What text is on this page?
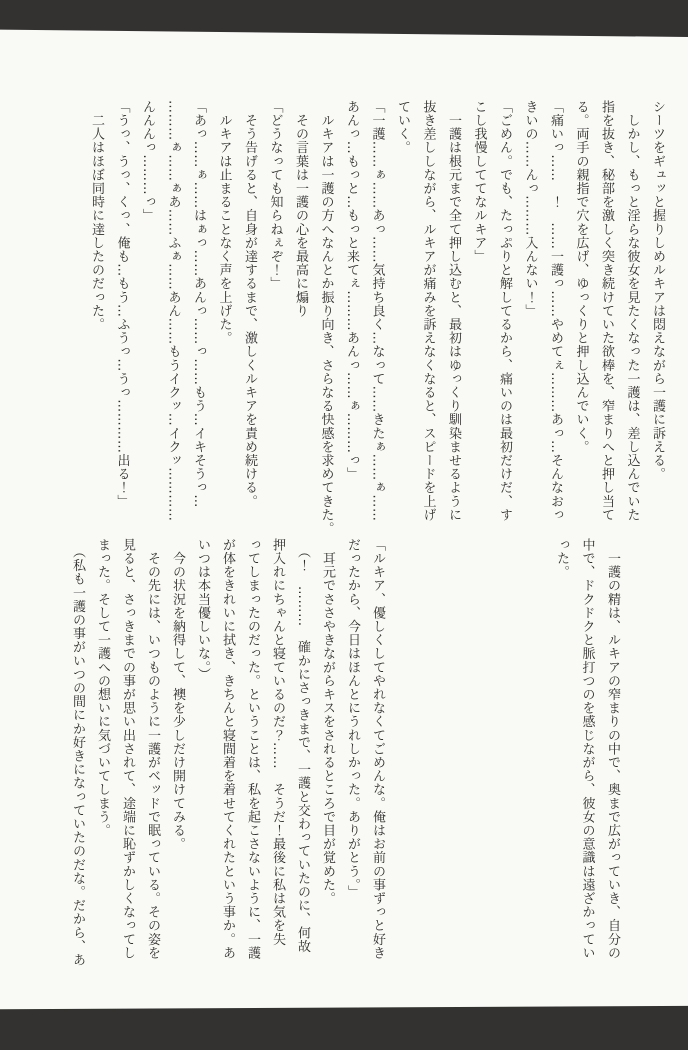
シーツをギュッと握りしめルキアは悶えながら一護に訴える。
　しかし、もっと淫らな彼女を見たくなった一護は、差し込んでいた
指を抜き、秘部を激しく突き続けていた欲棒を、窄まりへと押し当て
る。両手の親指で穴を広げ、ゆっくりと押し込んでいく。
「痛いっ……　！　……一護っ……やめてぇ………あっ…そんなおっ
きいの……んっ………入んない！」
「ごめん。でも、たっぷりと解してるから、痛いのは最初だけだ、す
こし我慢しててなルキア」
　一護は根元まで全て押し込むと、最初はゆっくり馴染ませるように
抜き差ししながら、ルキアが痛みを訴えなくなると、スピードを上げ
ていく。
「一護……ぁ……あっ……気持ち良く…なって……きたぁ……ぁ……
あんっ…もっと…もっと来てぇ………あんっ……ぁ………っ」
　ルキアは一護の方へなんとか振り向き、さらなる快感を求めてきた。
　その言葉は一護の心を最高に煽り
「どうなっても知らねぇぞ！」
　そう告げると、自身が達するまで、激しくルキアを責め続ける。
　ルキアは止まることなく声を上げた。
「あっ……ぁ……はぁっ……あんっ……っ……もう…イキそうっ…
………ぁ……ぁあ……ふぁ……あん……もうイクッ…イクッ…………
んんんっ………っ」
「うっ、うっ、くっ、俺も…もう…ふうっ…うっ…………出る！」
　二人はほぼ同時に達したのだった。
　一護の精は、ルキアの窄まりの中で、奥まで広がっていき、自分の
中で、ドクドクと脈打つのを感じながら、彼女の意識は遠ざかってい
った。
「ルキア、優しくしてやれなくてごめんな。俺はお前の事ずっと好き
だったから、今日はほんとにうれしかった。ありがとう。」
　耳元でささやきながらキスをされるところで目が覚めた。
　（！　………　確かにさっきまで、一護と交わっていたのに、何故
押入れにちゃんと寝ているのだ？……　そうだ！最後に私は気を失
ってしまったのだった。ということは、私を起こさないように、一護
が体をきれいに拭き、きちんと寝間着を着せてくれたという事か。あ
いつは本当優しいな。）
　今の状況を納得して、襖を少しだけ開けてみる。
　その先には、いつものように一護がベッドで眠っている。その姿を
見ると、さっきまでの事が思い出されて、途端に恥ずかしくなってし
まった。そして一護への想いに気づいてしまう。
　（私も一護の事がいつの間にか好きになっていたのだな。だから、あ
